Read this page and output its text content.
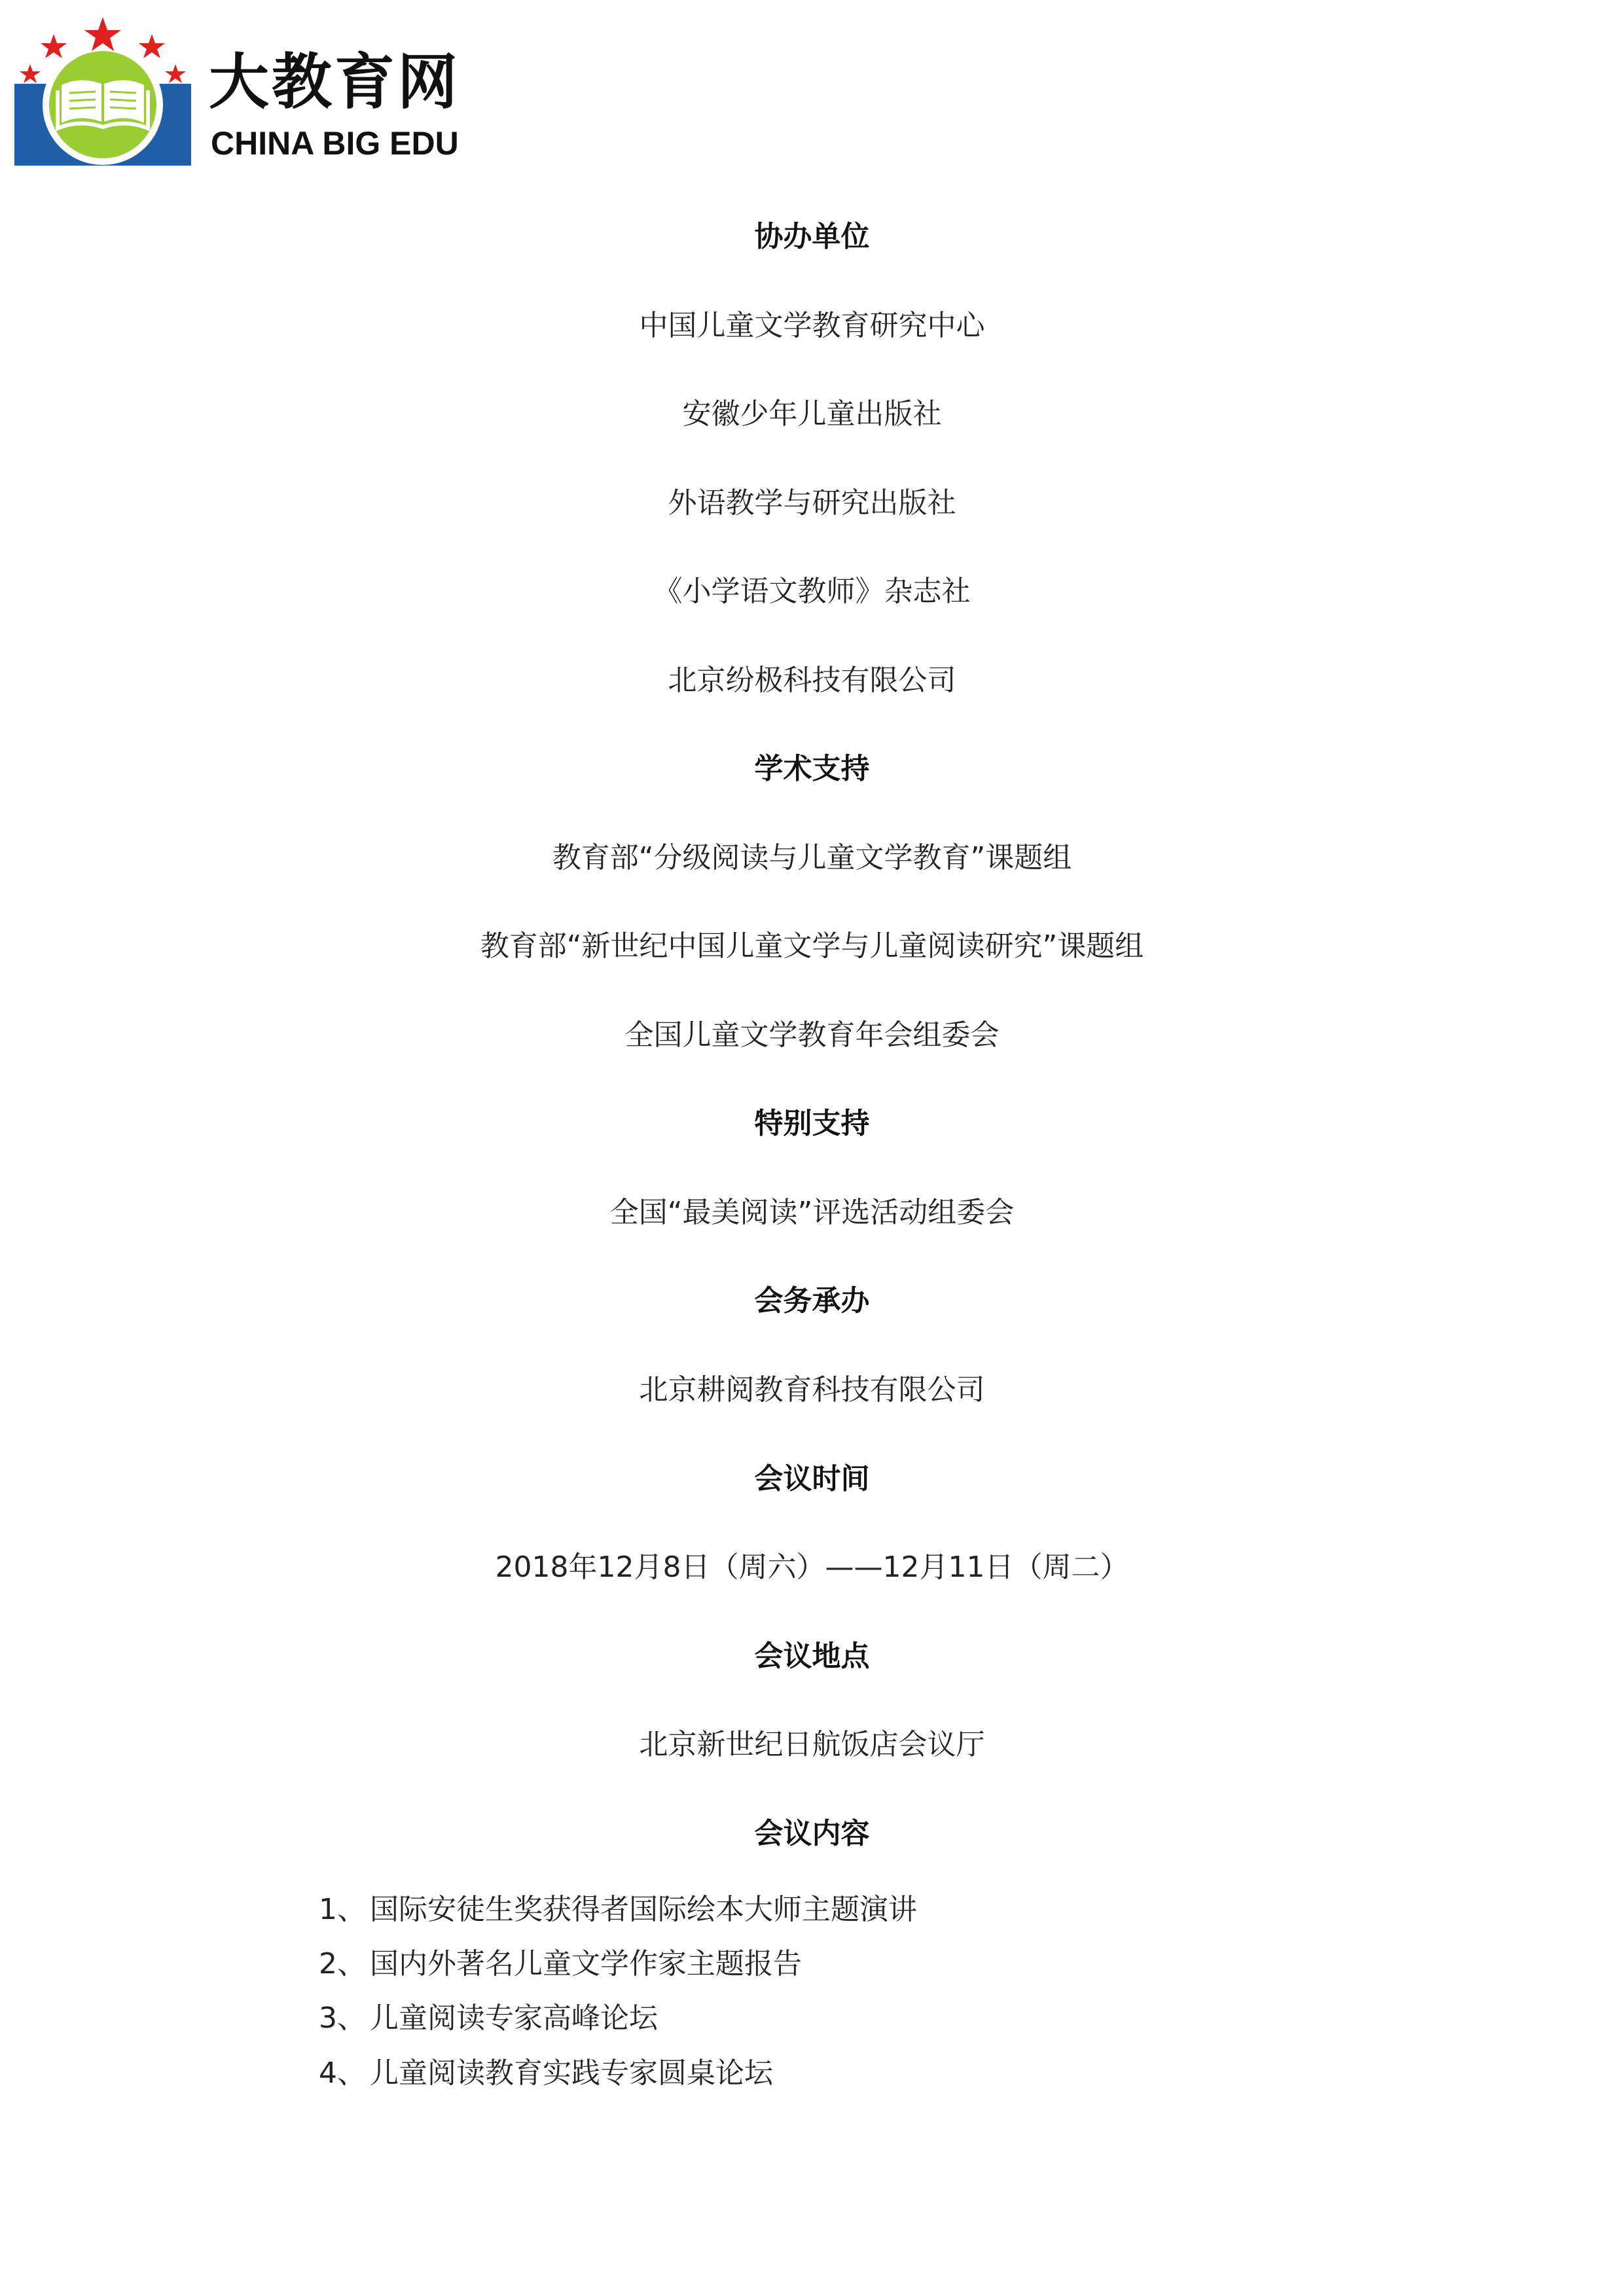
大教育网
CHINA BIG EDU
协办单位
中国儿童文学教育研究中心
安徽少年儿童出版社
外语教学与研究出版社
《小学语文教师》杂志社
北京纷极科技有限公司
学术支持
教育部“分级阅读与儿童文学教育”课题组
教育部“新世纪中国儿童文学与儿童阅读研究”课题组
全国儿童文学教育年会组委会
特别支持
全国“最美阅读”评选活动组委会
会务承办
北京耕阅教育科技有限公司
会议时间
2018年12月8日（周六）——12月11日（周二）
会议地点
北京新世纪日航饭店会议厅
会议内容
1、 国际安徒生奖获得者国际绘本大师主题演讲
2、 国内外著名儿童文学作家主题报告
3、 儿童阅读专家高峰论坛
4、 儿童阅读教育实践专家圆桌论坛
